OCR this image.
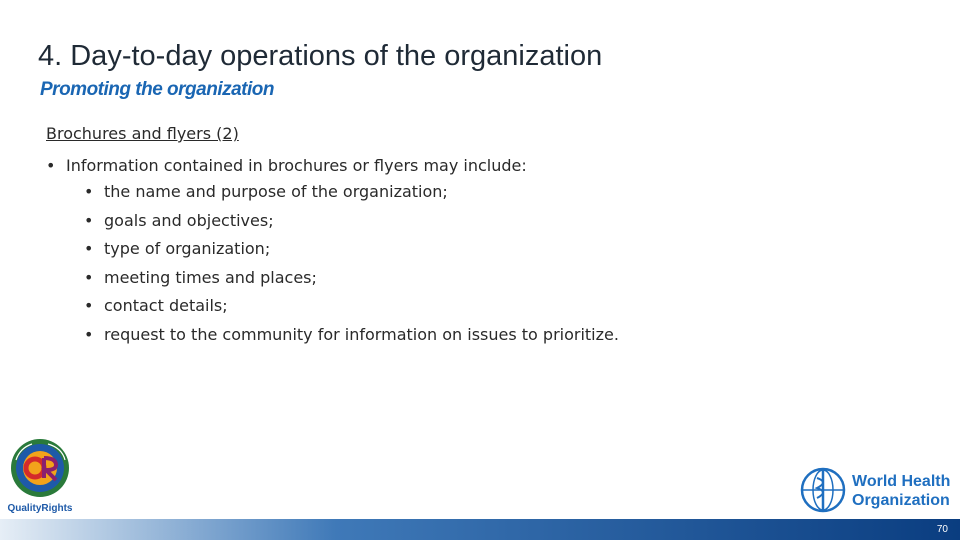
4. Day-to-day operations of the organization
Promoting the organization
Brochures and flyers (2)
• Information contained in brochures or flyers may include:
• the name and purpose of the organization;
• goals and objectives;
• type of organization;
• meeting times and places;
• contact details;
• request to the community for information on issues to prioritize.
QualityRights
World Health
Organization
70
